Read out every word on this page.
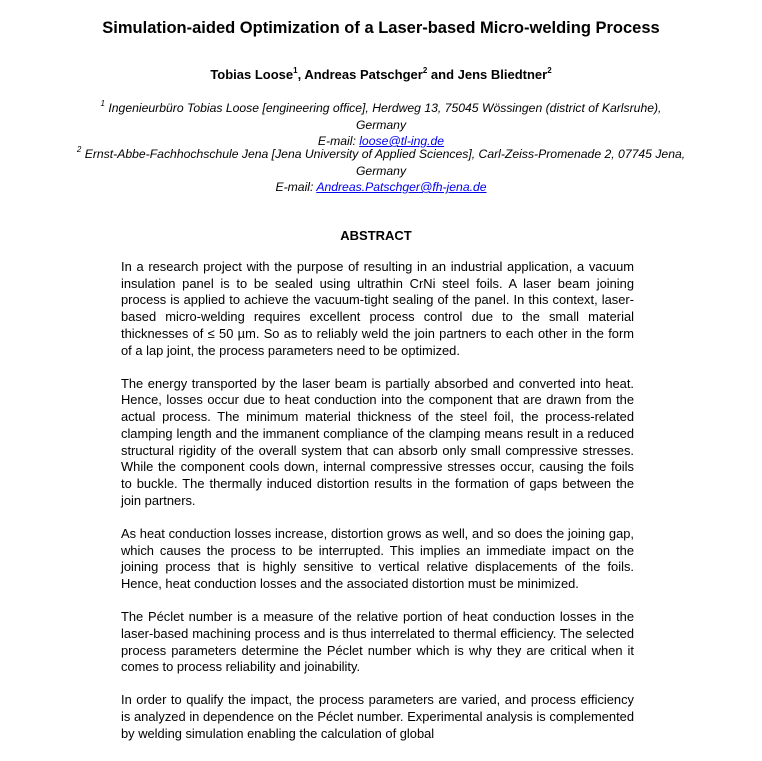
Simulation-aided Optimization of a Laser-based Micro-welding Process
Tobias Loose$^1$, Andreas Patschger$^2$ and Jens Bliedtner$^2$
$^1$ Ingenieurbüro Tobias Loose [engineering office], Herdweg 13, 75045 Wössingen (district of Karlsruhe), Germany
E-mail: loose@tl-ing.de
$^2$ Ernst-Abbe-Fachhochschule Jena [Jena University of Applied Sciences], Carl-Zeiss-Promenade 2, 07745 Jena, Germany
E-mail: Andreas.Patschger@fh-jena.de
ABSTRACT

In a research project with the purpose of resulting in an industrial application, a vacuum insulation panel is to be sealed using ultrathin CrNi steel foils. A laser beam joining process is applied to achieve the vacuum-tight sealing of the panel. In this context, laser-based micro-welding requires excellent process control due to the small material thicknesses of ≤ 50 µm. So as to reliably weld the join partners to each other in the form of a lap joint, the process parameters need to be optimized.

The energy transported by the laser beam is partially absorbed and converted into heat. Hence, losses occur due to heat conduction into the component that are drawn from the actual process. The minimum material thickness of the steel foil, the process-related clamping length and the immanent compliance of the clamping means result in a reduced structural rigidity of the overall system that can absorb only small compressive stresses. While the component cools down, internal compressive stresses occur, causing the foils to buckle. The thermally induced distortion results in the formation of gaps between the join partners.

As heat conduction losses increase, distortion grows as well, and so does the joining gap, which causes the process to be interrupted. This implies an immediate impact on the joining process that is highly sensitive to vertical relative displacements of the foils. Hence, heat conduction losses and the associated distortion must be minimized.

The Péclet number is a measure of the relative portion of heat conduction losses in the laser-based machining process and is thus interrelated to thermal efficiency. The selected process parameters determine the Péclet number which is why they are critical when it comes to process reliability and joinability.

In order to qualify the impact, the process parameters are varied, and process efficiency is analyzed in dependence on the Péclet number. Experimental analysis is complemented by welding simulation enabling the calculation of global
